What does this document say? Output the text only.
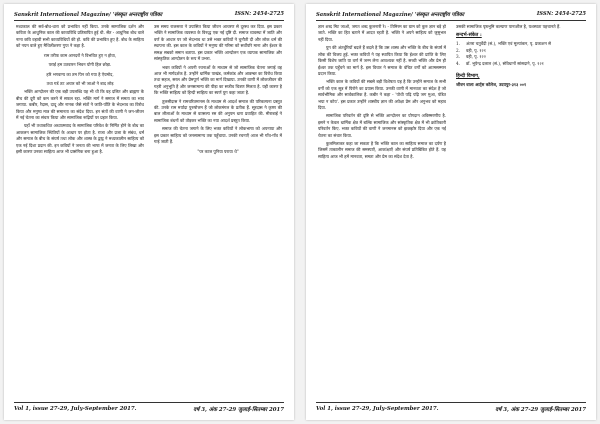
Sanskrit International Magazine/ 'संस्कृत अन्तराष्ट्रीय पत्रिका	ISSN: 2454-2725

मध्यकाल की सर्व-बोध-धारा को प्रभावित नहीं किया. उनके सामाजिक दर्शन और कविता के आधुनिक काल की काव्यविधि प्रतिष्ठापित हुई थी. सेंत - आधुनिक बोध वाले नाना कवि वहावी सभी काव्यविधियों की हो. कवि की प्रभावित हुए है. बोध के साहित्य को नयन वाले हुए मैथिलीशरण गुप्त ने कहा है.

राम तरीफ काम आनदरों ने विभवित हुए न होवा,

परार्ड़ हम उतवारन भिवन योगी हिल छोड़ा.

हरि भगवान्य का तम पिन को गया है ऐयमोद,

तथा गर्ड तट अचार को भी जाओ ने बाद लोड़

भक्ति आन्दोलन की एक बड़ी उपलब्धि यह भी थी कि वह दलित और ब्राह्मण के बीच की दूरी को कम करने में सफल रहा. भक्ति मार्ग ने समाज में समता का भाव जगाया. कबीर, रैदास, दादू और नानक जैसे संतों ने जाति-पाँति के भेदभाव का विरोध किया और मनुष्य मात्र की समानता का संदेश दिया. इन संतों की वाणी ने जन-जीवन में नई चेतना का संचार किया और सामाजिक रूढ़ियों पर प्रहार किया.

यहाँ भी तथाकथित अध्यात्मवाद के सामाजिक परिवेश के निर्मित होने के बोध का आकलन सामाजिक स्थितियों के आधार पर होता है. राजा और प्रजा के संबंध, धर्म और समाज के बीच के संघर्ष तथा लोक और शास्त्र के द्वन्द्व ने मध्यकालीन साहित्य को एक नई दिशा प्रदान की. इन कवियों ने जनता की भाषा में जनता के लिए लिखा और इसी कारण उनका साहित्य आज भी प्रासंगिक बना हुआ है.

उस समय राजसत्ता ने उपासित किया जीवन आचरण से दूरस्थ कर दिया. इस प्रकार भक्ति ने सामाजिक व्यवस्था के विरुद्ध एक नई दृष्टि दी. समाज व्यवस्था में जाति और वर्ण के आधार पर जो भेदभाव था उसे भक्त कवियों ने चुनौती दी और लोक धर्म की स्थापना की. इस काल के कवियों ने मनुष्य की गरिमा को सर्वोपरि माना और ईश्वर के समक्ष सबको समान बताया. इस प्रकार भक्ति आन्दोलन एक व्यापक सामाजिक और सांस्कृतिक आन्दोलन के रूप में उभरा.

भक्त कवियों ने अपनी रचनाओं के माध्यम से जो सामाजिक चेतना जगाई वह आज भी मार्गदर्शक है. उन्होंने धार्मिक पाखंड, कर्मकांड और आडम्बर का विरोध किया तथा सहज, सरल और प्रेमपूर्ण भक्ति का मार्ग दिखाया. उनकी वाणी में लोकजीवन की गहरी अनुभूति है और जनसामान्य की पीड़ा का सजीव चित्रण मिलता है. यही कारण है कि भक्ति साहित्य को हिन्दी साहित्य का स्वर्ण युग कहा जाता है.

तुलसीदास ने रामचरितमानस के माध्यम से आदर्श समाज की परिकल्पना प्रस्तुत की. उनके राम मर्यादा पुरुषोत्तम हैं जो लोकमंगल के प्रतीक हैं. सूरदास ने कृष्ण की बाल लीलाओं के माध्यम से वात्सल्य रस की अनुपम धारा प्रवाहित की. मीराबाई ने सामाजिक बंधनों को तोड़कर भक्ति का नया आदर्श प्रस्तुत किया.

समाज की चेतना जगाने के लिए भक्त कवियों ने लोकभाषा को अपनाया और इस प्रकार साहित्य को जनसामान्य तक पहुँचाया. उनकी रचनाएँ आज भी गाँव-गाँव में गाई जाती हैं.

"पर काज पुनिया पराया थे"

Vol 1, issue 27-29, July-September 2017.	वर्ष 3, अंक 27-29 जुलाई-सितम्बर 2017
Sanskrit International Magazine/ 'संस्कृत अन्तराष्ट्रीय पत्रिका	ISSN: 2454-2725

ज्ञान शब्द मिट जाओ, जगत शब्द कुलनारी रे। - तिमिरम का ग्राम को कुरु ज्ञान बड़े हो जाते. भक्ति का हित बताने में आदत रहती है. भक्ति ने अपने साहित्य को जुसुभल नहीं दिया.

युग की अंतर्धुरियों बदले हैं बदले है कि उस शास्त्र और भक्ति के बीच के संघर्ष में लोक की विजय हुई. भक्त कवियों ने यह स्थापित किया कि ईश्वर की प्राप्ति के लिए किसी विशेष जाति या वर्ण में जन्म लेना आवश्यक नहीं है. सच्ची भक्ति और प्रेम ही ईश्वर तक पहुँचने का मार्ग है. इस विचार ने समाज के वंचित वर्गों को आत्मसम्मान प्रदान किया.

भक्ति काल के कवियों की सबसे बड़ी विशेषता यह है कि उन्होंने समाज के सभी वर्गों को एक सूत्र में पिरोने का प्रयास किया. उनकी वाणी में मानवता का संदेश है जो सार्वभौमिक और सार्वकालिक है. कबीर ने कहा - 'पोथी पढ़ि पढ़ि जग मुआ, पंडित भया न कोय'. इस प्रकार उन्होंने शास्त्रीय ज्ञान की अपेक्षा प्रेम और अनुभव को महत्व दिया.

सामाजिक परिवर्तन की दृष्टि से भक्ति आन्दोलन का योगदान अविस्मरणीय है. इसने न केवल धार्मिक क्षेत्र में बल्कि सामाजिक और सांस्कृतिक क्षेत्र में भी क्रांतिकारी परिवर्तन किए. भक्त कवियों की वाणी ने जनमानस को झकझोर दिया और एक नई चेतना का संचार किया.

कुलमिलाकर कहा जा सकता है कि भक्ति काल का साहित्य समाज का दर्पण है जिसमें तत्कालीन समाज की समस्याएँ, आकांक्षाएँ और संघर्ष प्रतिबिंबित होते हैं. यह साहित्य आज भी हमें मानवता, समता और प्रेम का संदेश देता है.

उसकी सामाजिक पृष्ठभूमि कल्याण पानाशील है, यशस्वता पहचानते हैं.

सन्दर्भ-संकेत :
1.	अंतरा चतुर्वेदी (सं.), भक्ति एवं मूल्यांकन, पृ. प्रकाशन से
2.	वही, पृ. १२१
3.	वही, पृ. १२२
4.	डॉ. भूपेन्द्र दलाल (सं.), संविधानों सांसदाने, पृ. १२१
हिन्दी विभाग,
जीवन वाला आर्ट्स कॉलेज, उदयपुर-३१३ ००१
Vol 1, issue 27-29, July-September 2017.	वर्ष 3, अंक 27-29 जुलाई-सितम्बर 2017
